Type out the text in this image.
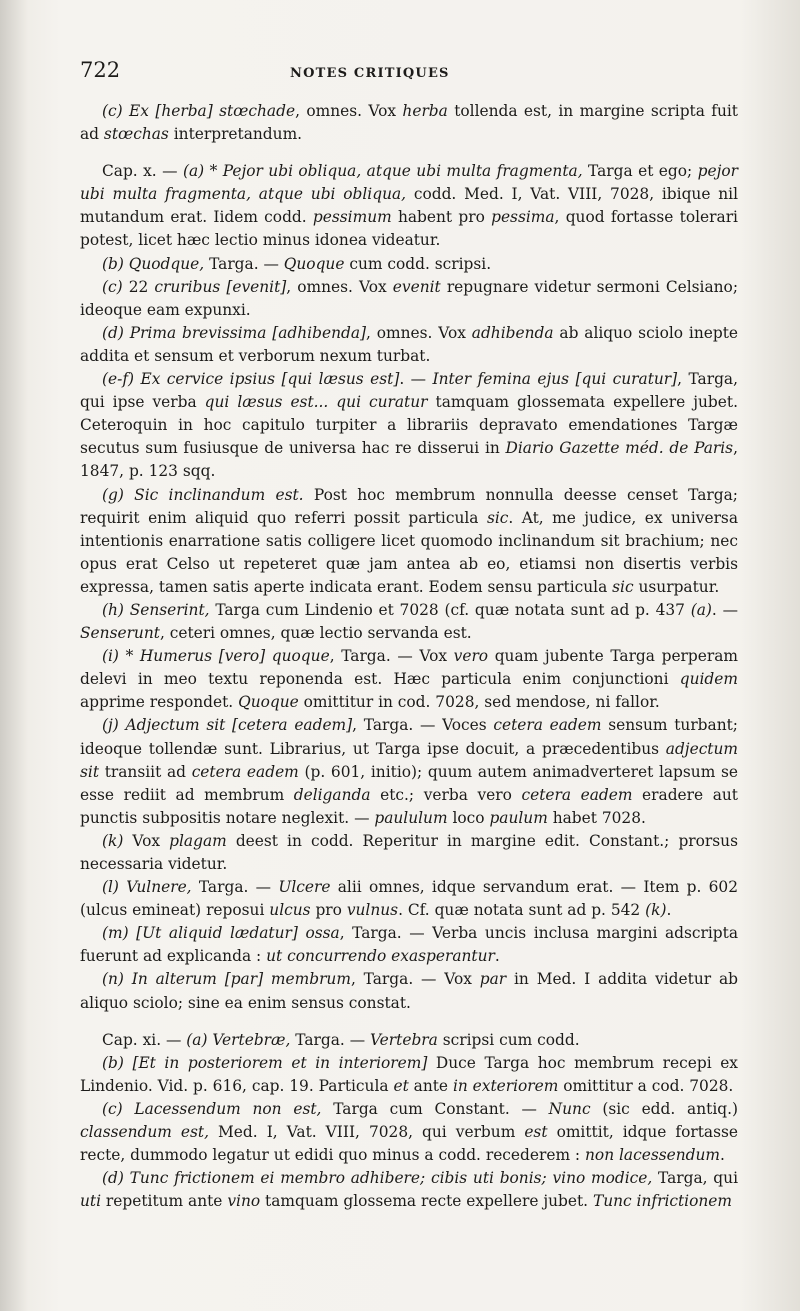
722	NOTES CRITIQUES

(c) Ex [herba] stœchade, omnes. Vox herba tollenda est, in margine scripta fuit ad stœchas interpretandum.

Cap. x. — (a) * Pejor ubi obliqua, atque ubi multa fragmenta, Targa et ego; pejor ubi multa fragmenta, atque ubi obliqua, codd. Med. I, Vat. VIII, 7028, ibique nil mutandum erat. Iidem codd. pessimum habent pro pessima, quod fortasse tolerari potest, licet hæc lectio minus idonea videatur.

(b) Quodque, Targa. — Quoque cum codd. scripsi.

(c) 22 cruribus [evenit], omnes. Vox evenit repugnare videtur sermoni Celsiano; ideoque eam expunxi.

(d) Prima brevissima [adhibenda], omnes. Vox adhibenda ab aliquo sciolo inepte addita et sensum et verborum nexum turbat.

(e-f) Ex cervice ipsius [qui læsus est]. — Inter femina ejus [qui curatur], Targa, qui ipse verba qui læsus est... qui curatur tamquam glossemata expellere jubet. Ceteroquin in hoc capitulo turpiter a librariis depravato emendationes Targæ secutus sum fusiusque de universa hac re disserui in Diario Gazette méd. de Paris, 1847, p. 123 sqq.

(g) Sic inclinandum est. Post hoc membrum nonnulla deesse censet Targa; requirit enim aliquid quo referri possit particula sic. At, me judice, ex universa intentionis enarratione satis colligere licet quomodo inclinandum sit brachium; nec opus erat Celso ut repeteret quæ jam antea ab eo, etiamsi non disertis verbis expressa, tamen satis aperte indicata erant. Eodem sensu particula sic usurpatur.

(h) Senserint, Targa cum Lindenio et 7028 (cf. quæ notata sunt ad p. 437 (a). — Senserunt, ceteri omnes, quæ lectio servanda est.

(i) * Humerus [vero] quoque, Targa. — Vox vero quam jubente Targa perperam delevi in meo textu reponenda est. Hæc particula enim conjunctioni quidem apprime respondet. Quoque omittitur in cod. 7028, sed mendose, ni fallor.

(j) Adjectum sit [cetera eadem], Targa. — Voces cetera eadem sensum turbant; ideoque tollendæ sunt. Librarius, ut Targa ipse docuit, a præcedentibus adjectum sit transiit ad cetera eadem (p. 601, initio); quum autem animadverteret lapsum se esse rediit ad membrum deliganda etc.; verba vero cetera eadem eradere aut punctis subpositis notare neglexit. — paululum loco paulum habet 7028.

(k) Vox plagam deest in codd. Reperitur in margine edit. Constant.; prorsus necessaria videtur.

(l) Vulnere, Targa. — Ulcere alii omnes, idque servandum erat. — Item p. 602 (ulcus emineat) reposui ulcus pro vulnus. Cf. quæ notata sunt ad p. 542 (k).

(m) [Ut aliquid lædatur] ossa, Targa. — Verba uncis inclusa margini adscripta fuerunt ad explicanda : ut concurrendo exasperantur.

(n) In alterum [par] membrum, Targa. — Vox par in Med. I addita videtur ab aliquo sciolo; sine ea enim sensus constat.

Cap. xi. — (a) Vertebræ, Targa. — Vertebra scripsi cum codd.

(b) [Et in posteriorem et in interiorem] Duce Targa hoc membrum recepi ex Lindenio. Vid. p. 616, cap. 19. Particula et ante in exteriorem omittitur a cod. 7028.

(c) Lacessendum non est, Targa cum Constant. — Nunc (sic edd. antiq.) classendum est, Med. I, Vat. VIII, 7028, qui verbum est omittit, idque fortasse recte, dummodo legatur ut edidi quo minus a codd. recederem : non lacessendum.

(d) Tunc frictionem ei membro adhibere; cibis uti bonis; vino modice, Targa, qui uti repetitum ante vino tamquam glossema recte expellere jubet. Tunc infrictionem
